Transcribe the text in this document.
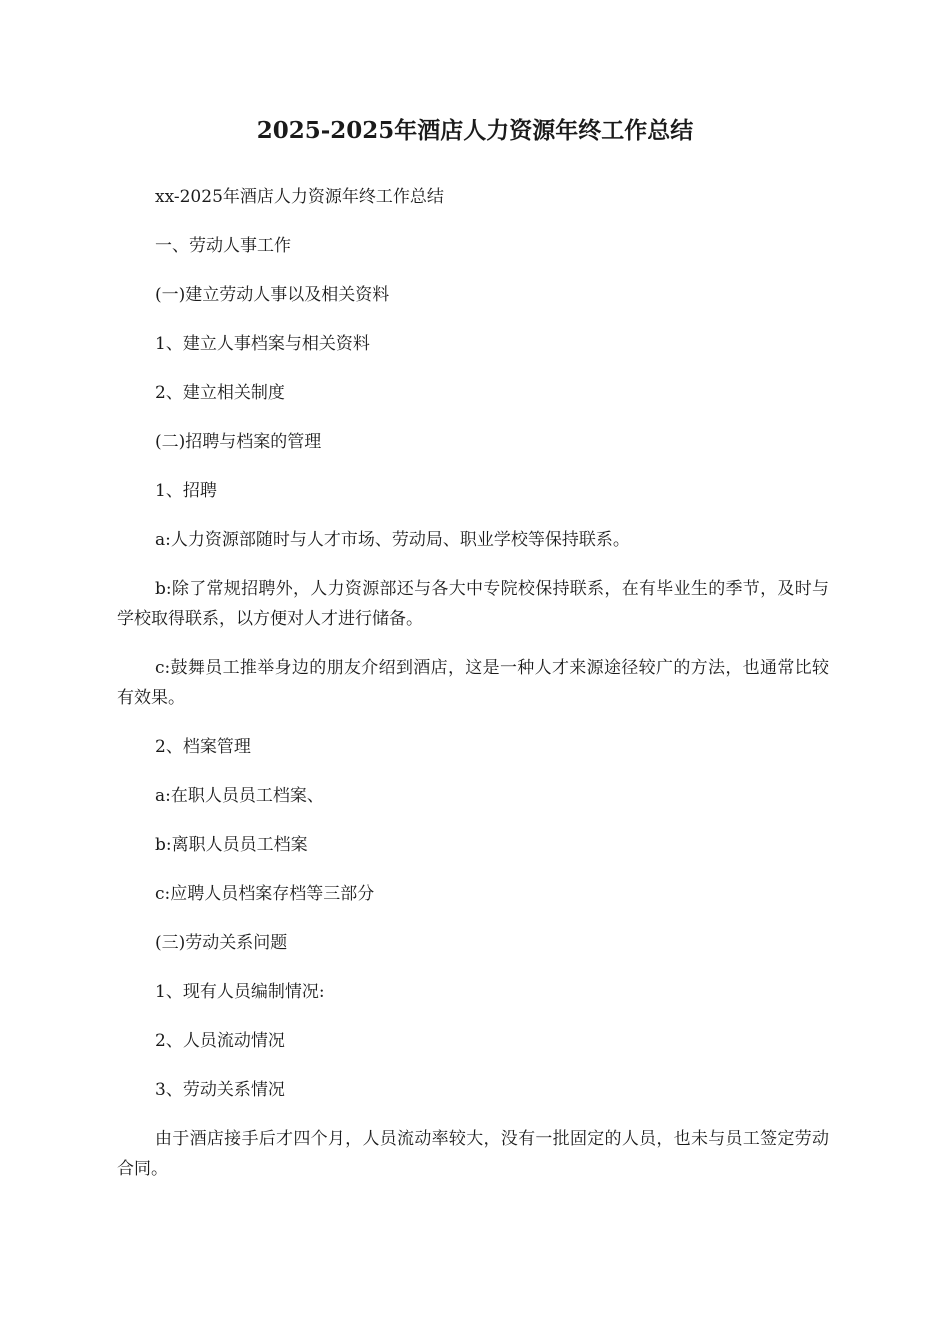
2025-2025年酒店人力资源年终工作总结

xx-2025年酒店人力资源年终工作总结

一、劳动人事工作

(一)建立劳动人事以及相关资料

1、建立人事档案与相关资料

2、建立相关制度

(二)招聘与档案的管理

1、招聘

a:人力资源部随时与人才市场、劳动局、职业学校等保持联系。

b:除了常规招聘外，人力资源部还与各大中专院校保持联系，在有毕业生的季节，及时与学校取得联系，以方便对人才进行储备。

c:鼓舞员工推举身边的朋友介绍到酒店，这是一种人才来源途径较广的方法，也通常比较有效果。

2、档案管理

a:在职人员员工档案、

b:离职人员员工档案

c:应聘人员档案存档等三部分

(三)劳动关系问题

1、现有人员编制情况:

2、人员流动情况

3、劳动关系情况

由于酒店接手后才四个月，人员流动率较大，没有一批固定的人员，也未与员工签定劳动合同。
